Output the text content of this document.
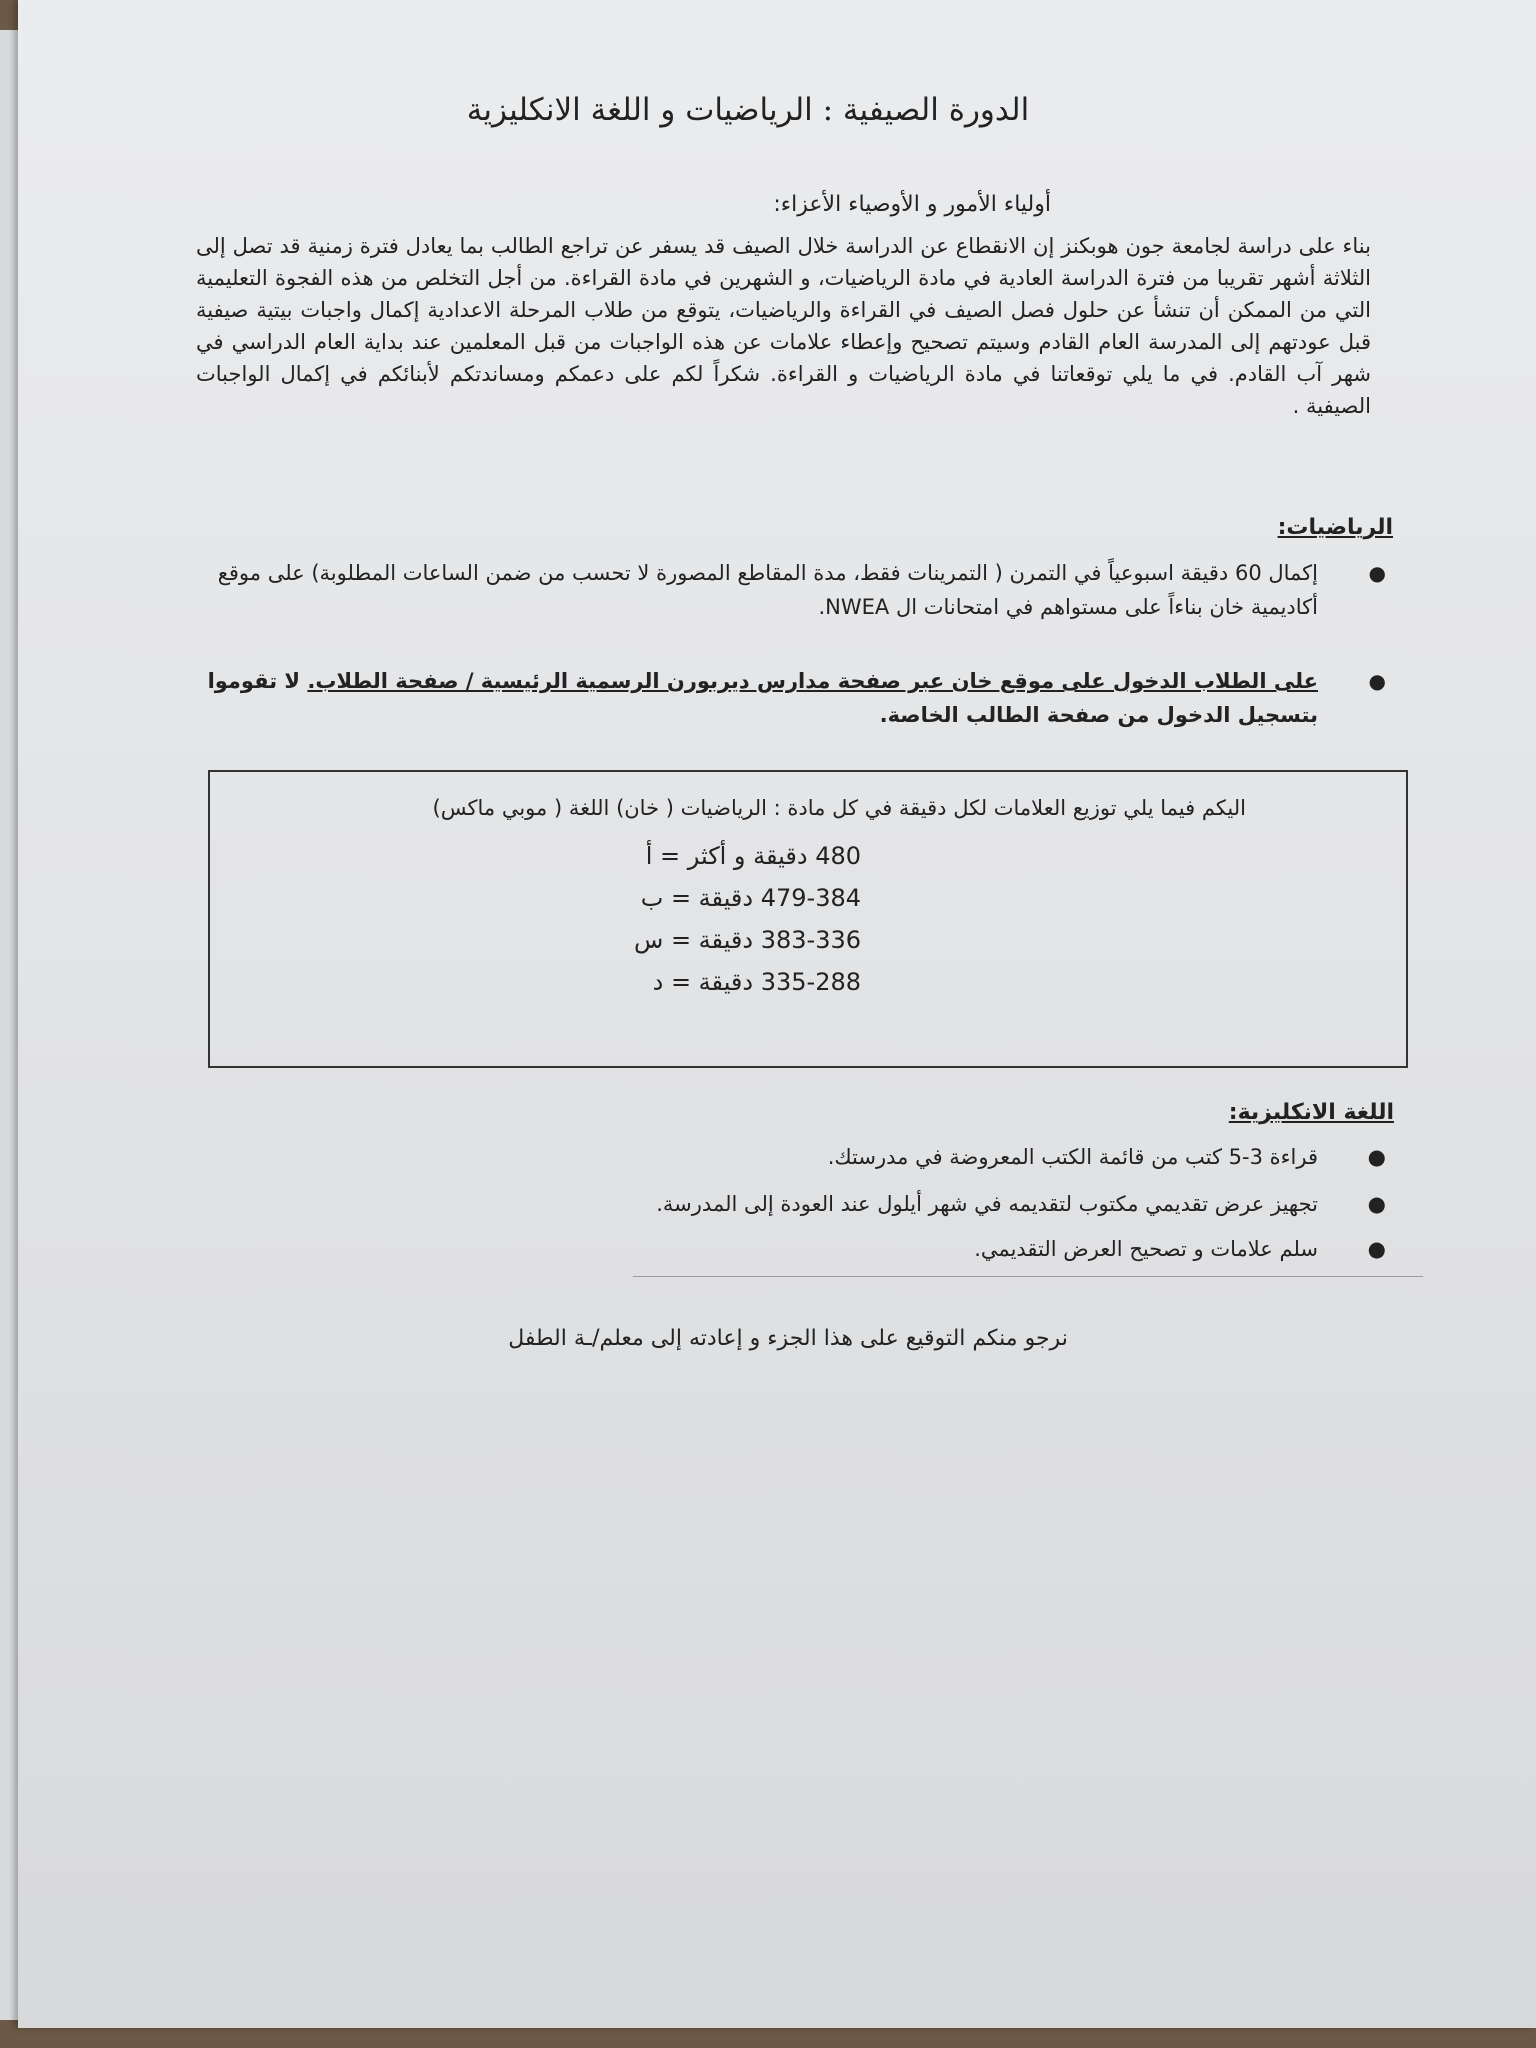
الدورة الصيفية : الرياضيات و اللغة الانكليزية
أولياء الأمور و الأوصياء الأعزاء:
بناء على دراسة لجامعة جون هوبكنز إن الانقطاع عن الدراسة خلال الصيف قد يسفر عن تراجع الطالب بما يعادل فترة زمنية قد تصل إلى الثلاثة أشهر تقريبا من فترة الدراسة العادية في مادة الرياضيات، و الشهرين في مادة القراءة. من أجل التخلص من هذه الفجوة التعليمية التي من الممكن أن تنشأ عن حلول فصل الصيف في القراءة والرياضيات، يتوقع من طلاب المرحلة الاعدادية إكمال واجبات بيتية صيفية قبل عودتهم إلى المدرسة العام القادم وسيتم تصحيح وإعطاء علامات عن هذه الواجبات من قبل المعلمين عند بداية العام الدراسي في شهر آب القادم. في ما يلي توقعاتنا في مادة الرياضيات و القراءة. شكراً لكم على دعمكم ومساندتكم لأبنائكم في إكمال الواجبات الصيفية .
الرياضيات:
●
إكمال 60 دقيقة اسبوعياً في التمرن ( التمرينات فقط، مدة المقاطع المصورة لا تحسب من ضمن الساعات المطلوبة) على موقع أكاديمية خان بناءاً على مستواهم في امتحانات ال NWEA.
●
على الطلاب الدخول على موقع خان عبر صفحة مدارس ديربورن الرسمية الرئيسية / صفحة الطلاب. لا تقوموا بتسجيل الدخول من صفحة الطالب الخاصة.
اليكم فيما يلي توزيع العلامات لكل دقيقة في كل مادة : الرياضيات ( خان) اللغة ( موبي ماكس)
480 دقيقة و أكثر = أ
479-384 دقيقة = ب
383-336 دقيقة = س
335-288 دقيقة = د
اللغة الانكليزية:
●
قراءة 3-5 كتب من قائمة الكتب المعروضة في مدرستك.
●
تجهيز عرض تقديمي مكتوب لتقديمه في شهر أيلول عند العودة إلى المدرسة.
●
سلم علامات و تصحيح العرض التقديمي.
نرجو منكم التوقيع على هذا الجزء و إعادته إلى معلم/ـة الطفل
